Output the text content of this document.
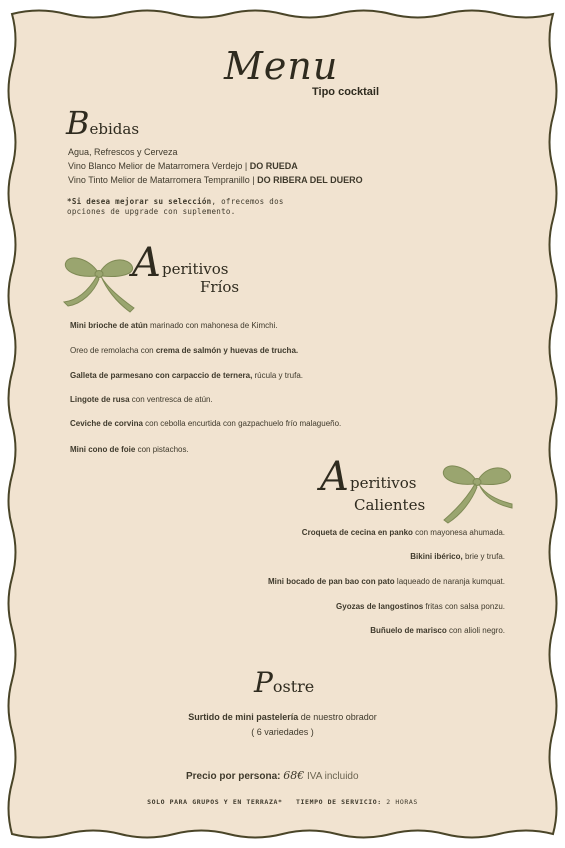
Menu
Tipo cocktail
Bebidas
Agua, Refrescos y Cerveza
Vino Blanco Melior de Matarromera Verdejo | DO RUEDA
Vino Tinto Melior de Matarromera Tempranillo | DO RIBERA DEL DUERO
*Si desea mejorar su selección, ofrecemos dos
opciones de upgrade con suplemento.
A peritivos
Fríos
Mini brioche de atún marinado con mahonesa de Kimchi.
Oreo de remolacha con crema de salmón y huevas de trucha.
Galleta de parmesano con carpaccio de ternera, rúcula y trufa.
Lingote de rusa con ventresca de atún.
Ceviche de corvina con cebolla encurtida con gazpachuelo frío malagueño.
Mini cono de foie con pistachos.
A peritivos
Calientes
Croqueta de cecina en panko con mayonesa ahumada.
Bikini ibérico, brie y trufa.
Mini bocado de pan bao con pato laqueado de naranja kumquat.
Gyozas de langostinos fritas con salsa ponzu.
Buñuelo de marisco con alioli negro.
Postre
Surtido de mini pastelería de nuestro obrador
( 6 variedades )
Precio por persona: 68€ IVA incluido
SOLO PARA GRUPOS Y EN TERRAZA* TIEMPO DE SERVICIO: 2 HORAS
